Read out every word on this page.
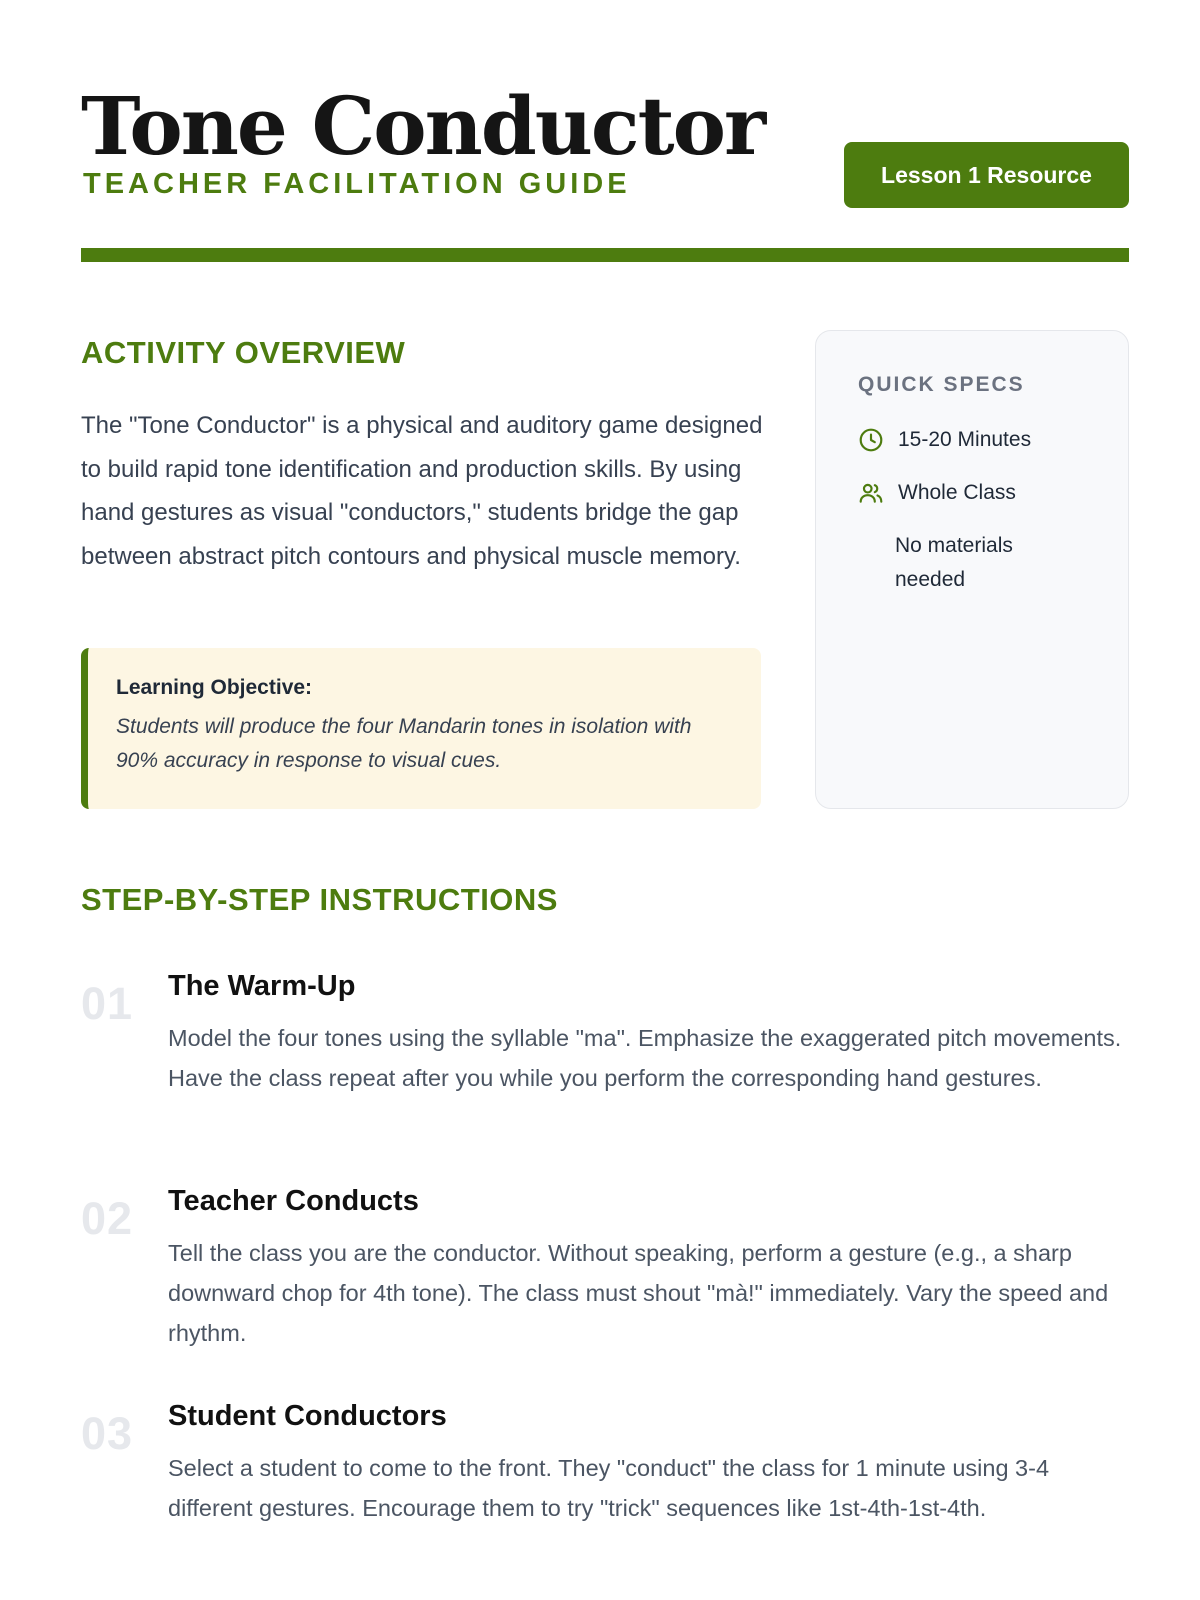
Tone Conductor
TEACHER FACILITATION GUIDE	Lesson 1 Resource
ACTIVITY OVERVIEW
The "Tone Conductor" is a physical and auditory game designed to build rapid tone identification and production skills. By using hand gestures as visual "conductors," students bridge the gap between abstract pitch contours and physical muscle memory.
Learning Objective:
Students will produce the four Mandarin tones in isolation with 90% accuracy in response to visual cues.
QUICK SPECS
15-20 Minutes
Whole Class
No materials needed
STEP-BY-STEP INSTRUCTIONS
01 The Warm-Up
Model the four tones using the syllable "ma". Emphasize the exaggerated pitch movements. Have the class repeat after you while you perform the corresponding hand gestures.
02 Teacher Conducts
Tell the class you are the conductor. Without speaking, perform a gesture (e.g., a sharp downward chop for 4th tone). The class must shout "mà!" immediately. Vary the speed and rhythm.
03 Student Conductors
Select a student to come to the front. They "conduct" the class for 1 minute using 3-4 different gestures. Encourage them to try "trick" sequences like 1st-4th-1st-4th.
